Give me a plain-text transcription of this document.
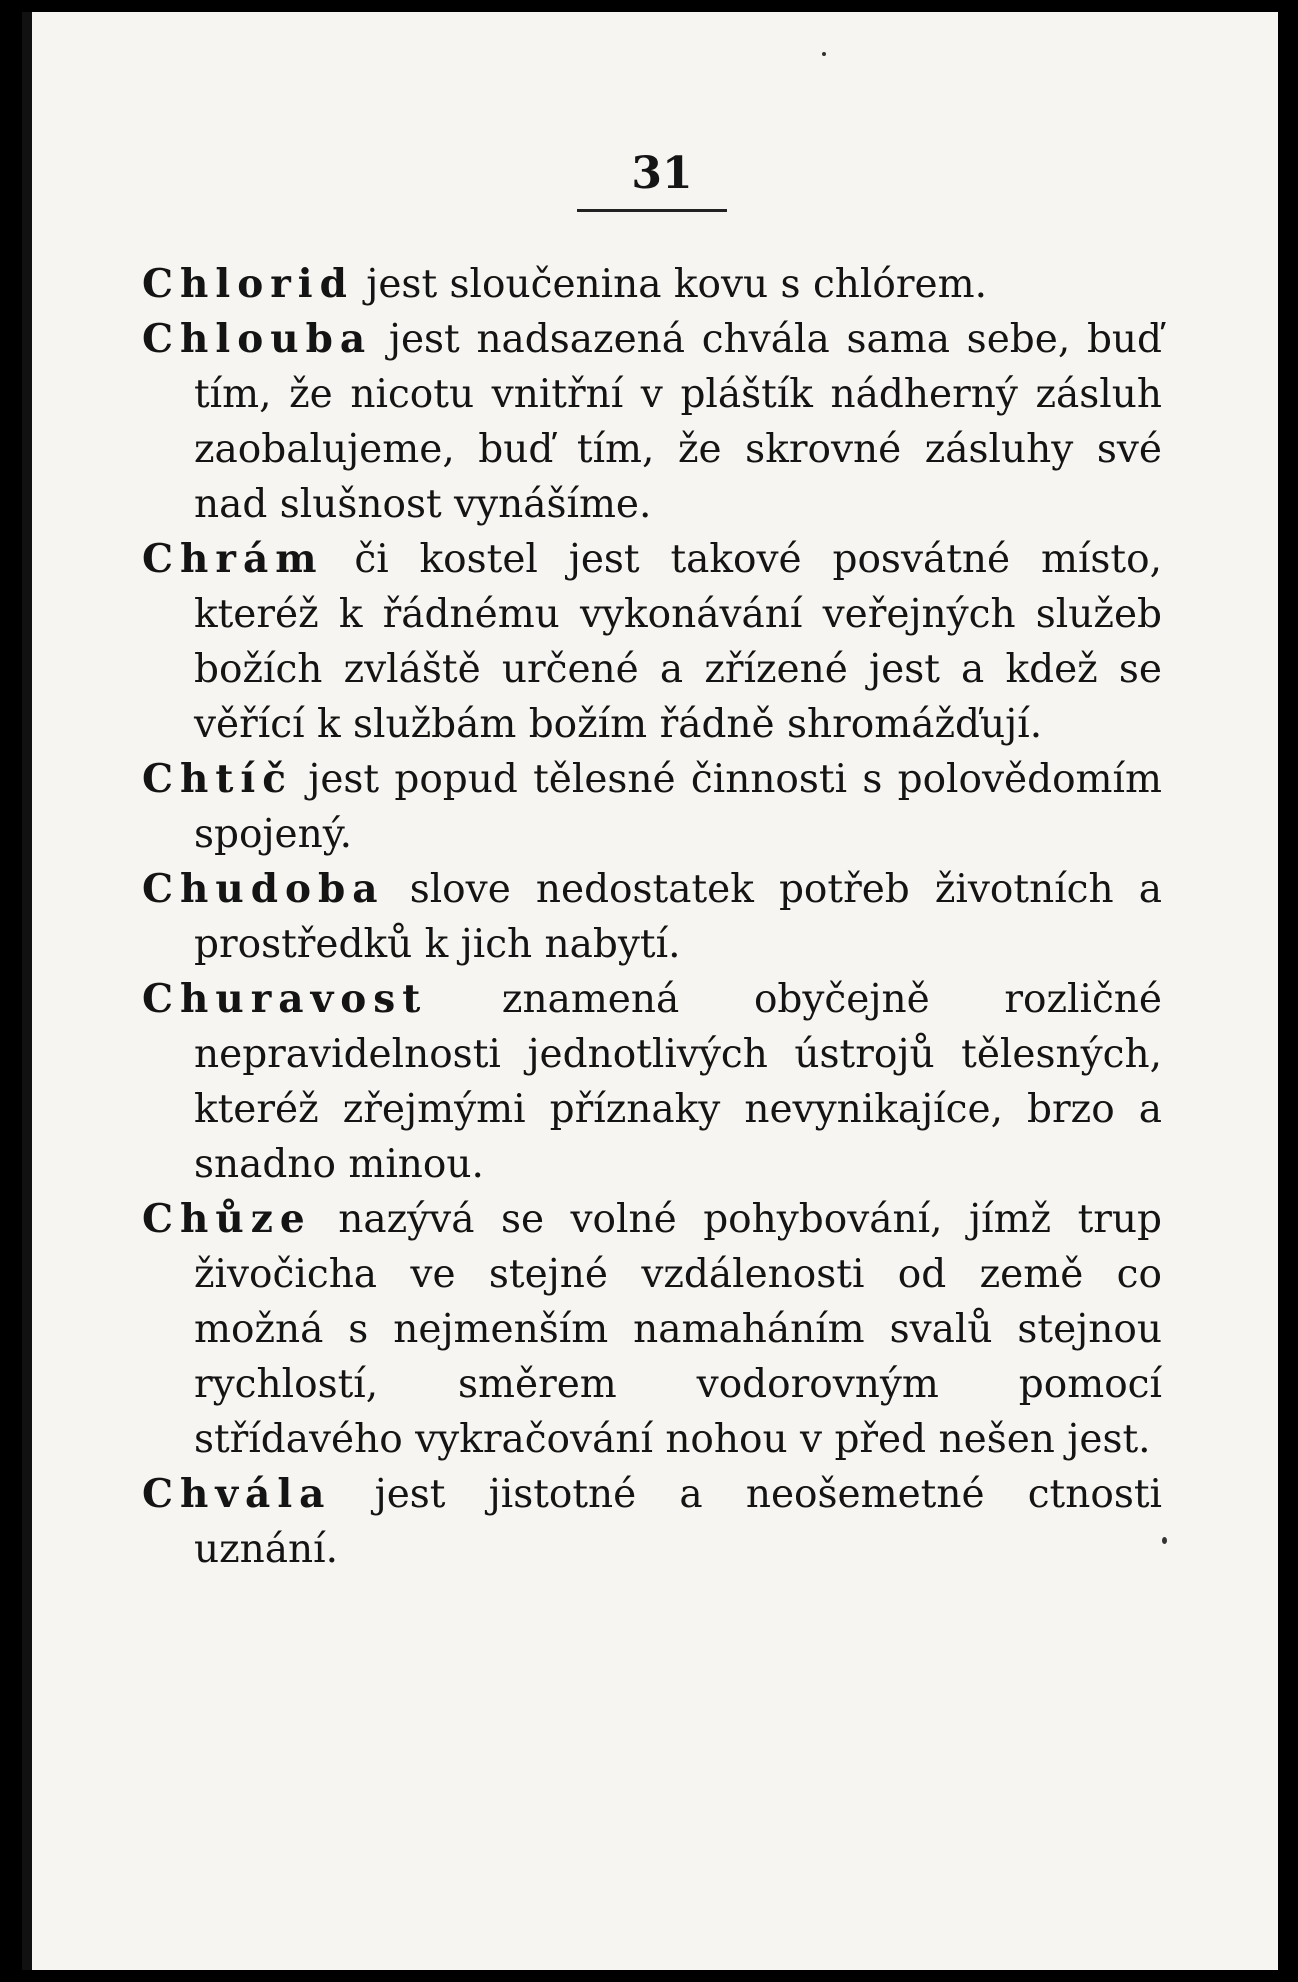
31

Chlorid jest sloučenina kovu s chlórem.

Chlouba jest nadsazená chvála sama sebe, buď tím, že nicotu vnitřní v pláštík nádherný zásluh zaobalujeme, buď tím, že skrovné zásluhy své nad slušnost vynášíme.

Chrám či kostel jest takové posvátné místo, kteréž k řádnému vykonávání veřejných služeb božích zvláště určené a zřízené jest a kdež se věřící k službám božím řádně shromážďují.

Chtíč jest popud tělesné činnosti s polovědomím spojený.

Chudoba slove nedostatek potřeb životních a prostředků k jich nabytí.

Churavost znamená obyčejně rozličné nepravidelnosti jednotlivých ústrojů tělesných, kteréž zřejmými příznaky nevynikajíce, brzo a snadno minou.

Chůze nazývá se volné pohybování, jímž trup živočicha ve stejné vzdálenosti od země co možná s nejmenším namaháním svalů stejnou rychlostí, směrem vodorovným pomocí střídavého vykračování nohou v před nešen jest.

Chvála jest jistotné a neošemetné ctnosti uznání.
